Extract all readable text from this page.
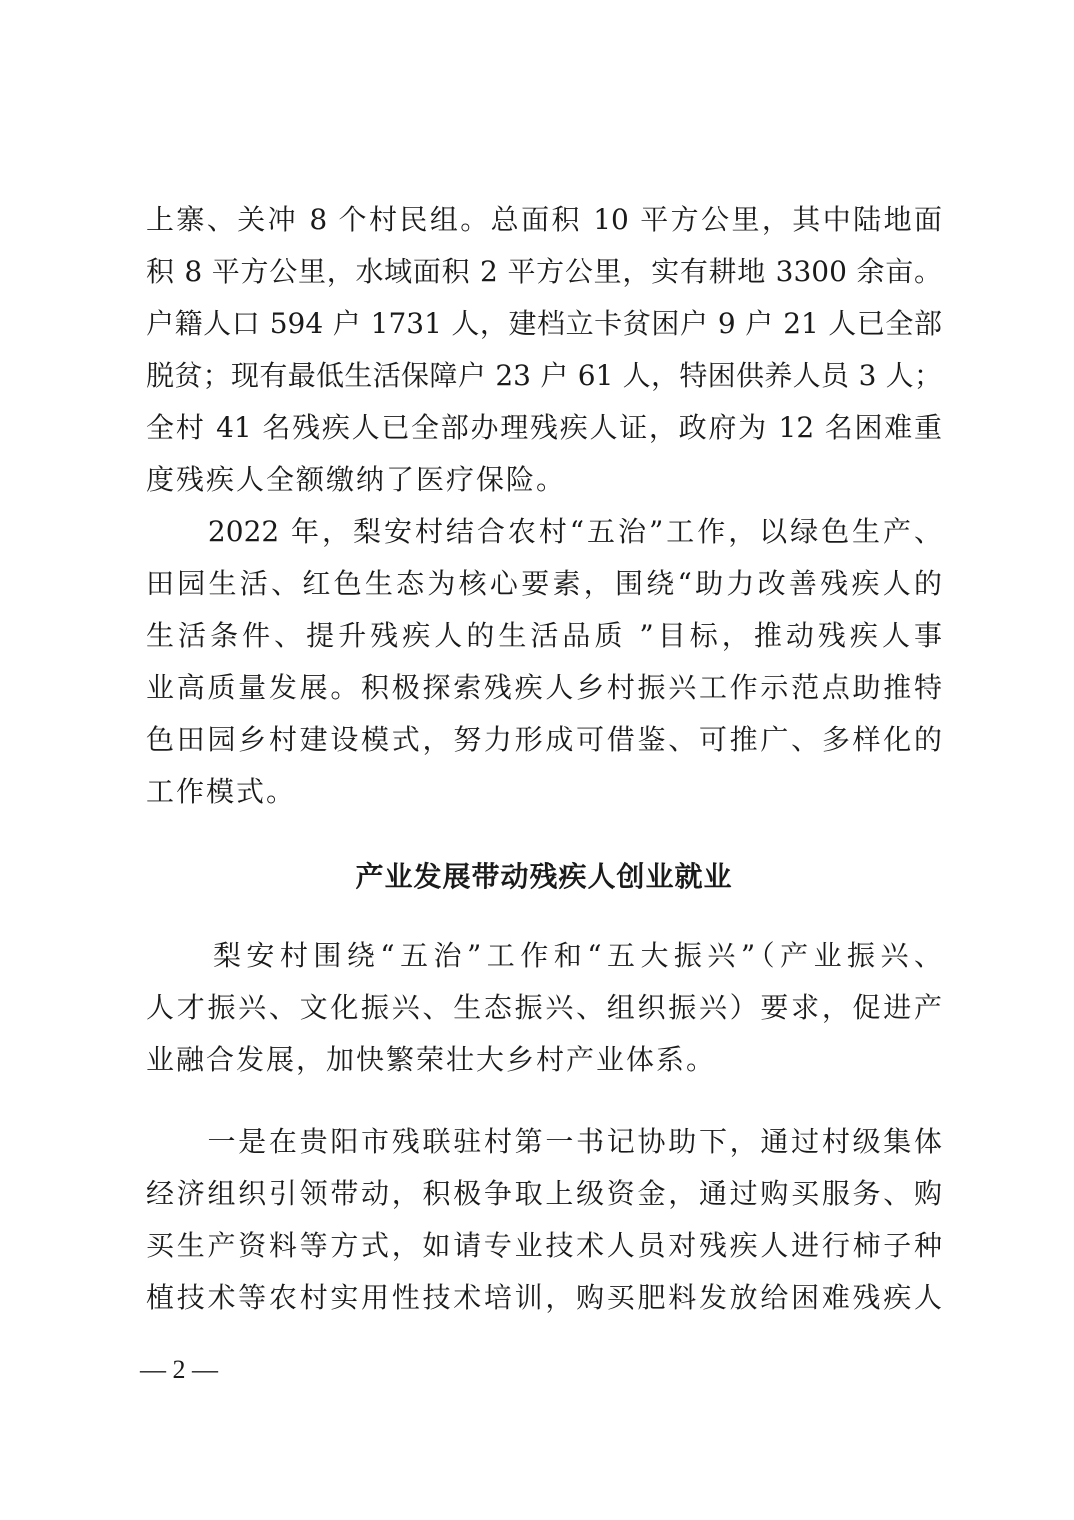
上寨、关冲 8 个村民组。总面积 10 平方公里，其中陆地面
积 8 平方公里，水域面积 2 平方公里，实有耕地 3300 余亩。
户籍人口 594 户 1731 人，建档立卡贫困户 9 户 21 人已全部
脱贫；现有最低生活保障户 23 户 61 人，特困供养人员 3 人；
全村 41 名残疾人已全部办理残疾人证，政府为 12 名困难重
度残疾人全额缴纳了医疗保险。
　　2022 年，梨安村结合农村“五治”工作，以绿色生产、
田园生活、红色生态为核心要素，围绕“助力改善残疾人的
生活条件、提升残疾人的生活品质 ”目标，推动残疾人事
业高质量发展。积极探索残疾人乡村振兴工作示范点助推特
色田园乡村建设模式，努力形成可借鉴、可推广、多样化的
工作模式。
产业发展带动残疾人创业就业
　　梨安村围绕“五治”工作和“五大振兴”（产业振兴、
人才振兴、文化振兴、生态振兴、组织振兴）要求，促进产
业融合发展，加快繁荣壮大乡村产业体系。
　　一是在贵阳市残联驻村第一书记协助下，通过村级集体
经济组织引领带动，积极争取上级资金，通过购买服务、购
买生产资料等方式，如请专业技术人员对残疾人进行柿子种
植技术等农村实用性技术培训，购买肥料发放给困难残疾人
— 2 —
